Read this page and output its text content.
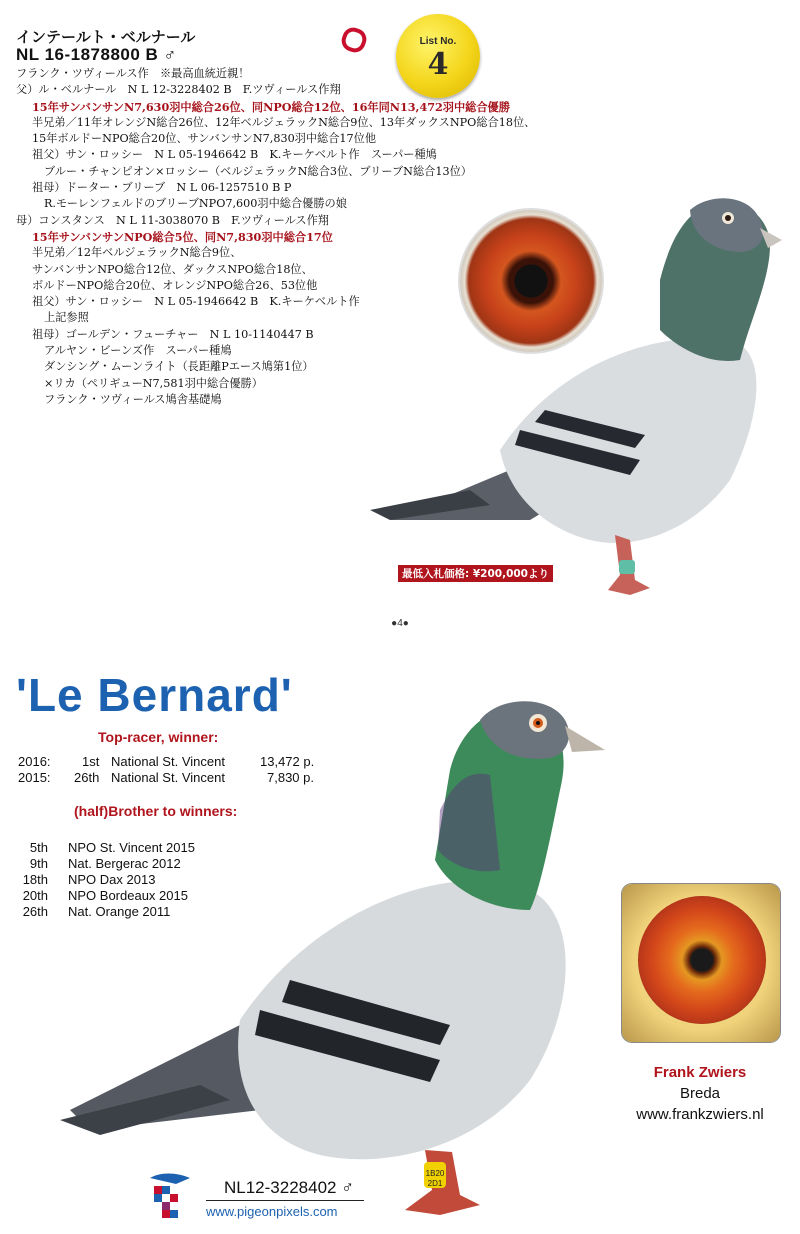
インテールト・ベルナール
NL 16-1878800 B ♂
List No.
4
フランク・ツヴィールス作　※最高血統近親！
父）ル・ベルナール　N L 12-3228402 B　F.ツヴィールス作翔
15年サンバンサンN7,630羽中総合26位、同NPO総合12位、16年同N13,472羽中総合優勝
半兄弟／11年オレンジN総合26位、12年ベルジェラックN総合9位、13年ダックスNPO総合18位、
15年ボルドーNPO総合20位、サンバンサンN7,830羽中総合17位他
祖父）サン・ロッシー　N L 05-1946642 B　K.キーケベルト作　スーパー種鳩
ブルー・チャンピオン×ロッシー（ベルジェラックN総合3位、ブリーブN総合13位）
祖母）ドーター・ブリーブ　N L 06-1257510 B P
R.モーレンフェルドのブリーブNPO7,600羽中総合優勝の娘
母）コンスタンス　N L 11-3038070 B　F.ツヴィールス作翔
15年サンバンサンNPO総合5位、同N7,830羽中総合17位
半兄弟／12年ベルジェラックN総合9位、
サンバンサンNPO総合12位、ダックスNPO総合18位、
ボルドーNPO総合20位、オレンジNPO総合26、53位他
祖父）サン・ロッシー　N L 05-1946642 B　K.キーケベルト作
上記参照
祖母）ゴールデン・フューチャー　N L 10-1140447 B
アルヤン・ビーンズ作　スーパー種鳩
ダンシング・ムーンライト（長距離Pエース鳩第1位）
×リカ（ペリギューN7,581羽中総合優勝）
フランク・ツヴィールス鳩舎基礎鳩
最低入札価格: ¥200,000より
●4●
'Le Bernard'
Top-racer, winner:
2016: 1st National St. Vincent	13,472 p.
2015: 26th National St. Vincent	7,830 p.
(half)Brother to winners:
5th NPO St. Vincent 2015
9th Nat. Bergerac 2012
18th NPO Dax 2013
20th NPO Bordeaux 2015
26th Nat. Orange 2011
1B20
2D1
Frank Zwiers
Breda
www.frankzwiers.nl
NL12-3228402 ♂
www.pigeonpixels.com
